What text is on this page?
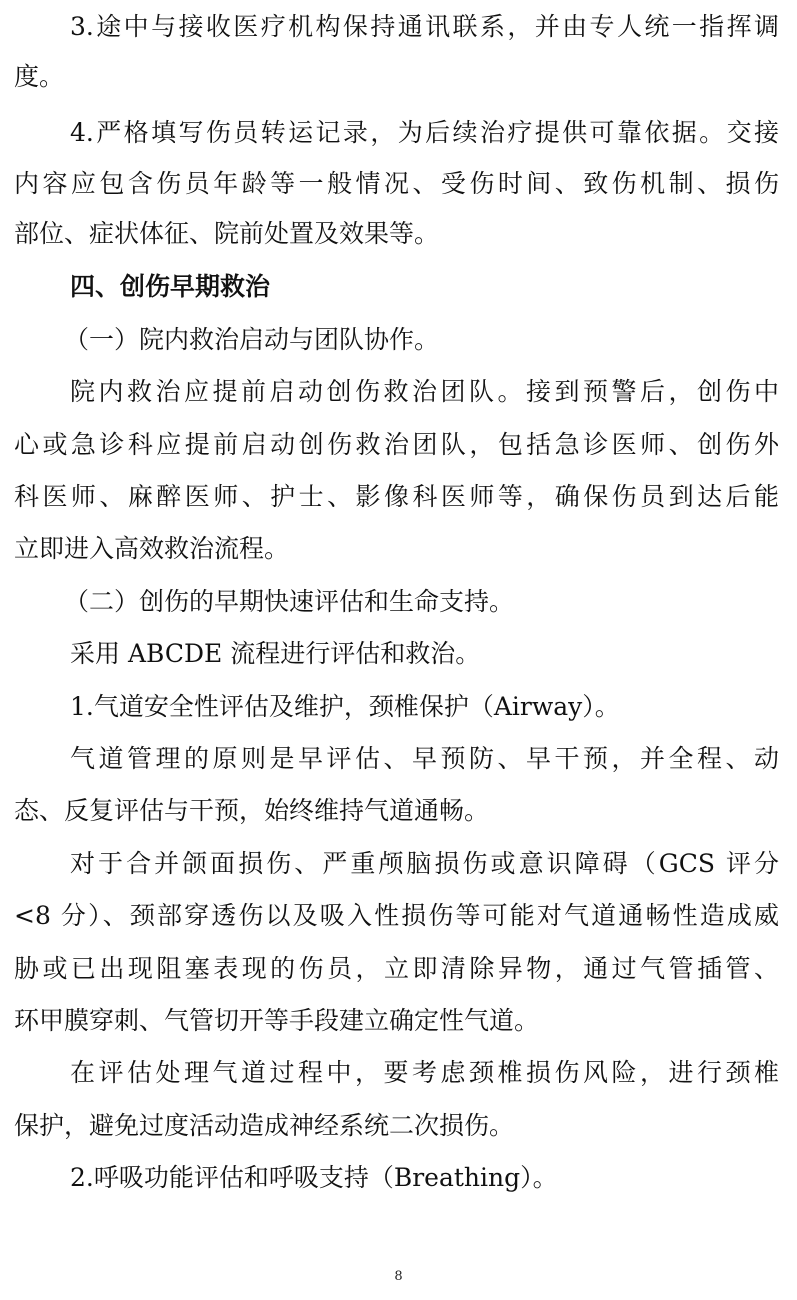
3.途中与接收医疗机构保持通讯联系，并由专人统一指挥调
度。
4.严格填写伤员转运记录，为后续治疗提供可靠依据。交接
内容应包含伤员年龄等一般情况、受伤时间、致伤机制、损伤
部位、症状体征、院前处置及效果等。
四、创伤早期救治
（一）院内救治启动与团队协作。
院内救治应提前启动创伤救治团队。接到预警后，创伤中
心或急诊科应提前启动创伤救治团队，包括急诊医师、创伤外
科医师、麻醉医师、护士、影像科医师等，确保伤员到达后能
立即进入高效救治流程。
（二）创伤的早期快速评估和生命支持。
采用 ABCDE 流程进行评估和救治。
1.气道安全性评估及维护，颈椎保护（Airway）。
气道管理的原则是早评估、早预防、早干预，并全程、动
态、反复评估与干预，始终维持气道通畅。
对于合并颌面损伤、严重颅脑损伤或意识障碍（GCS 评分
<8 分）、颈部穿透伤以及吸入性损伤等可能对气道通畅性造成威
胁或已出现阻塞表现的伤员，立即清除异物，通过气管插管、
环甲膜穿刺、气管切开等手段建立确定性气道。
在评估处理气道过程中，要考虑颈椎损伤风险，进行颈椎
保护，避免过度活动造成神经系统二次损伤。
2.呼吸功能评估和呼吸支持（Breathing）。
8
